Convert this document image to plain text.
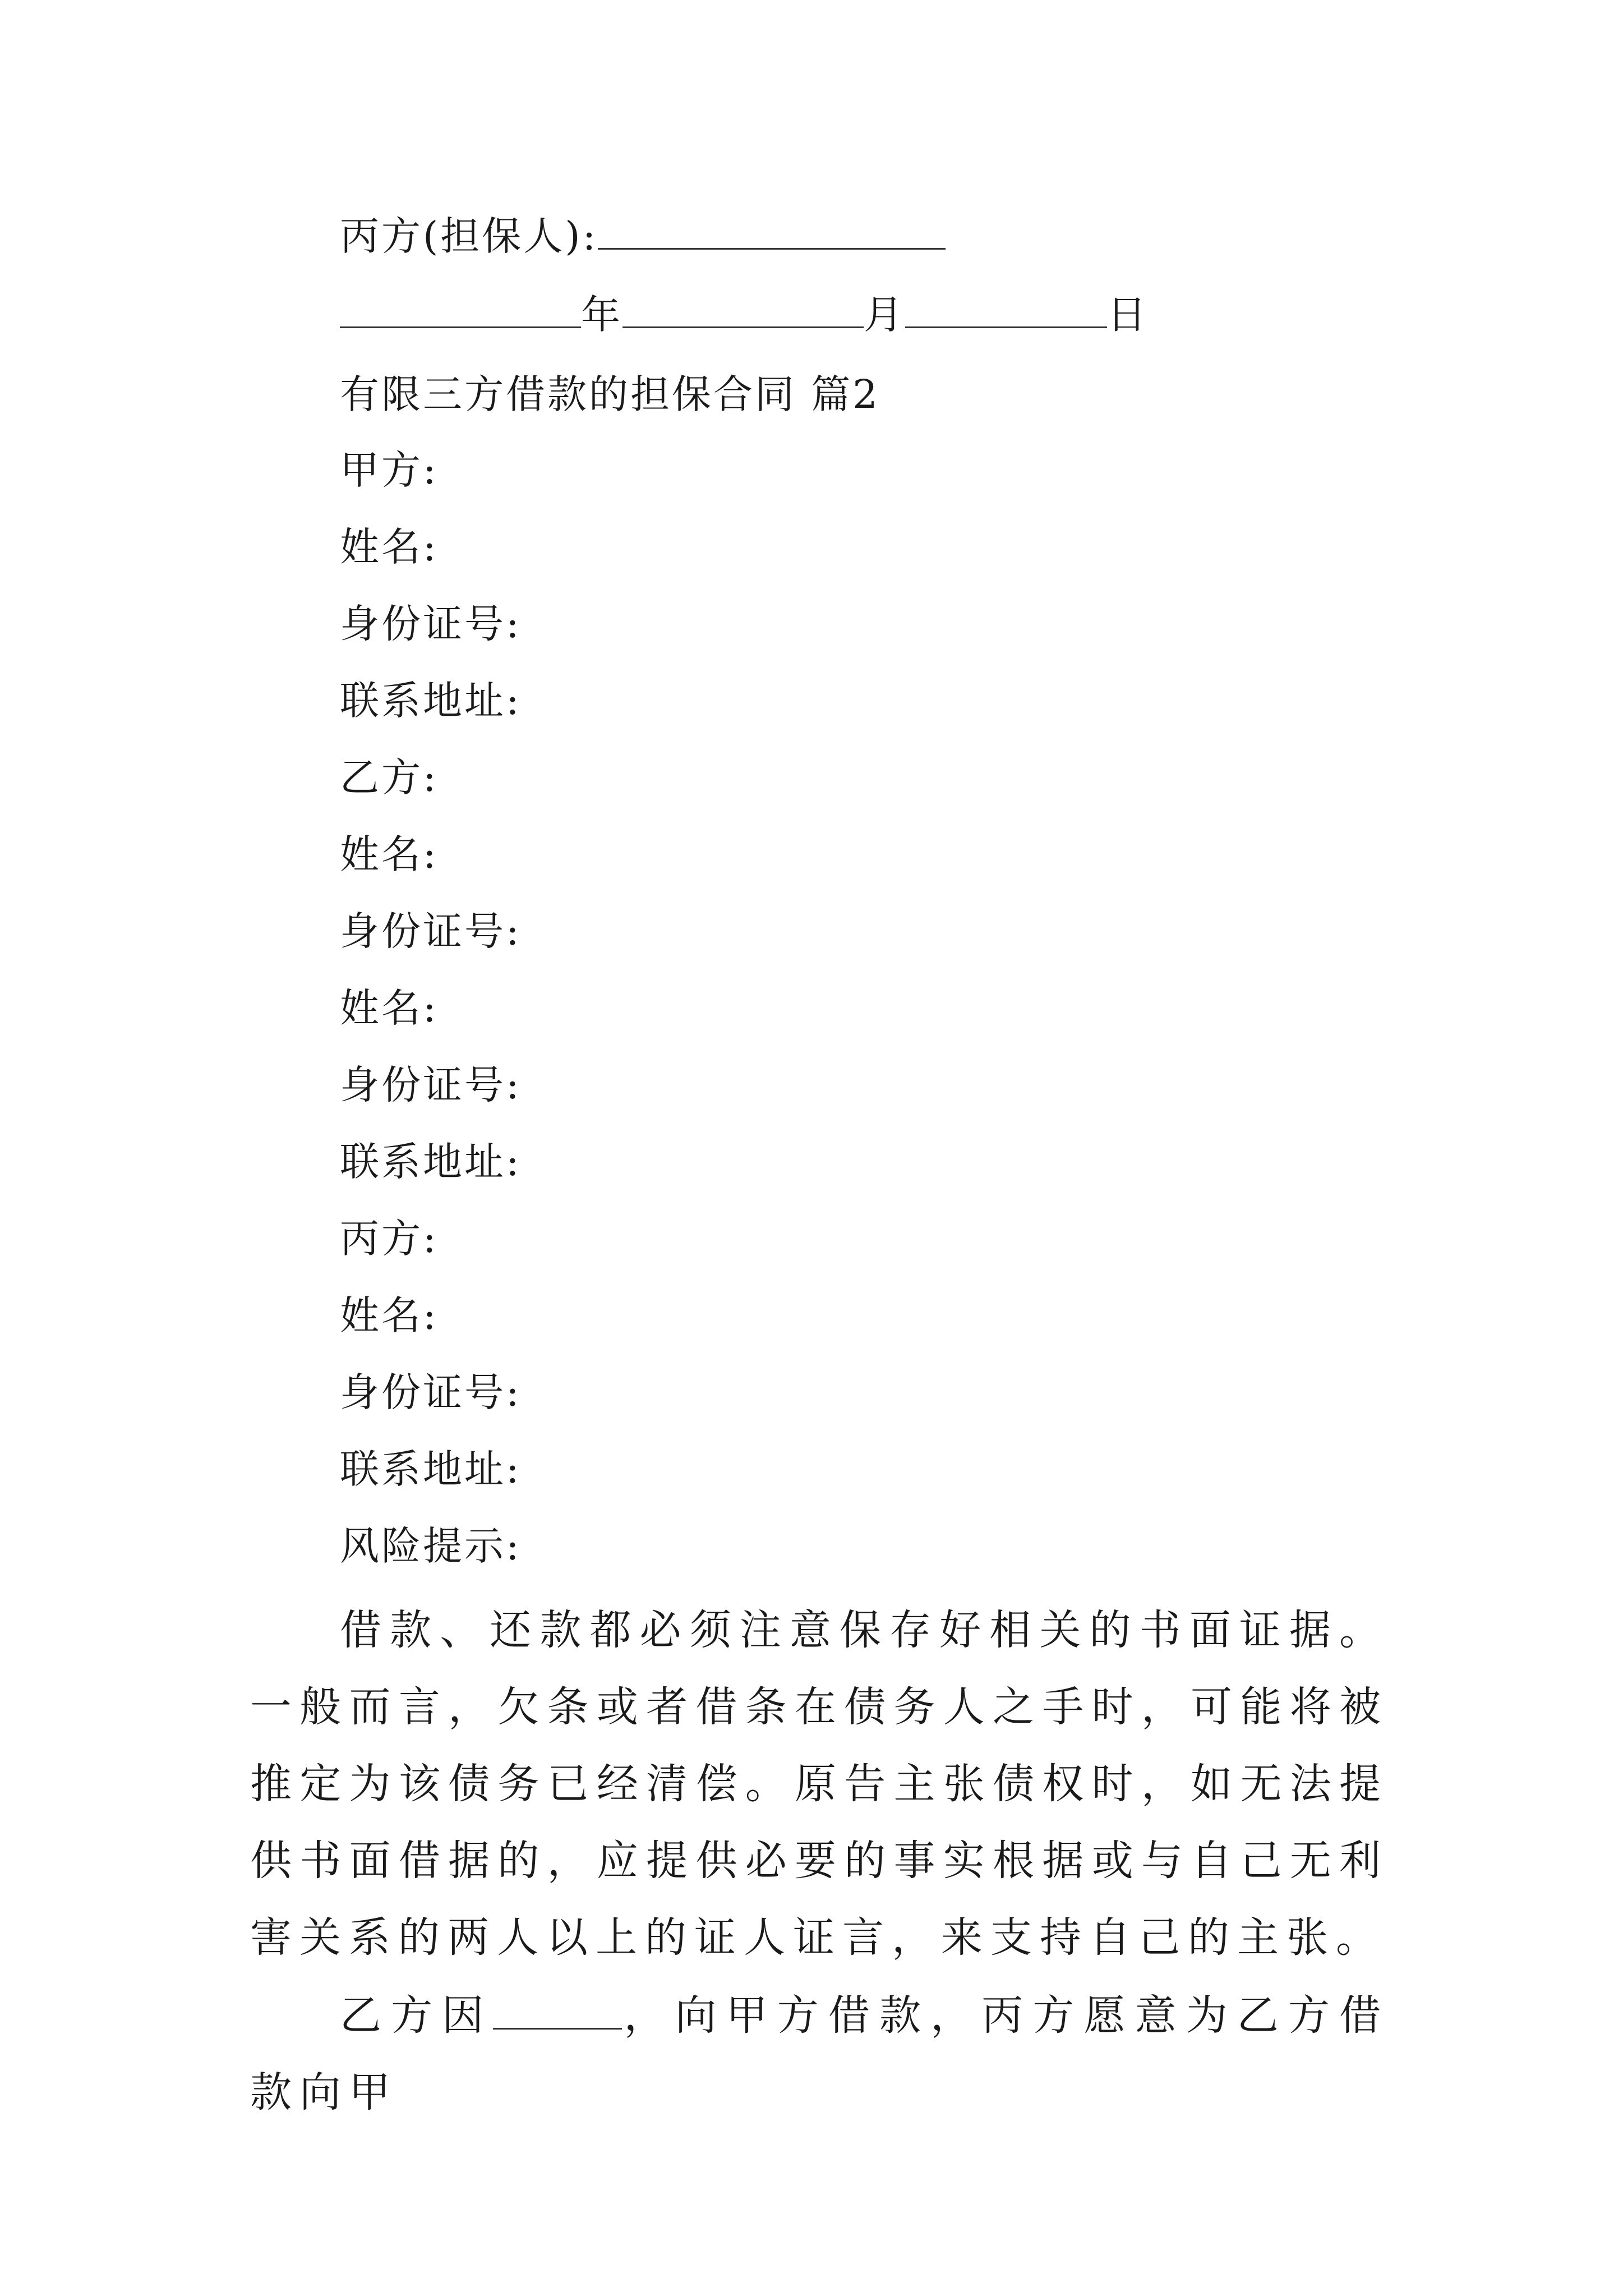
丙方(担保人):
年	月	日
有限三方借款的担保合同 篇2
甲方:
姓名:
身份证号:
联系地址:
乙方:
姓名:
身份证号:
姓名:
身份证号:
联系地址:
丙方:
姓名:
身份证号:
联系地址:
风险提示:
借款、还款都必须注意保存好相关的书面证据。一般而言，欠条或者借条在债务人之手时，可能将被推定为该债务已经清偿。原告主张债权时，如无法提供书面借据的，应提供必要的事实根据或与自己无利害关系的两人以上的证人证言，来支持自己的主张。
乙方因	，向甲方借款，丙方愿意为乙方借款向甲
